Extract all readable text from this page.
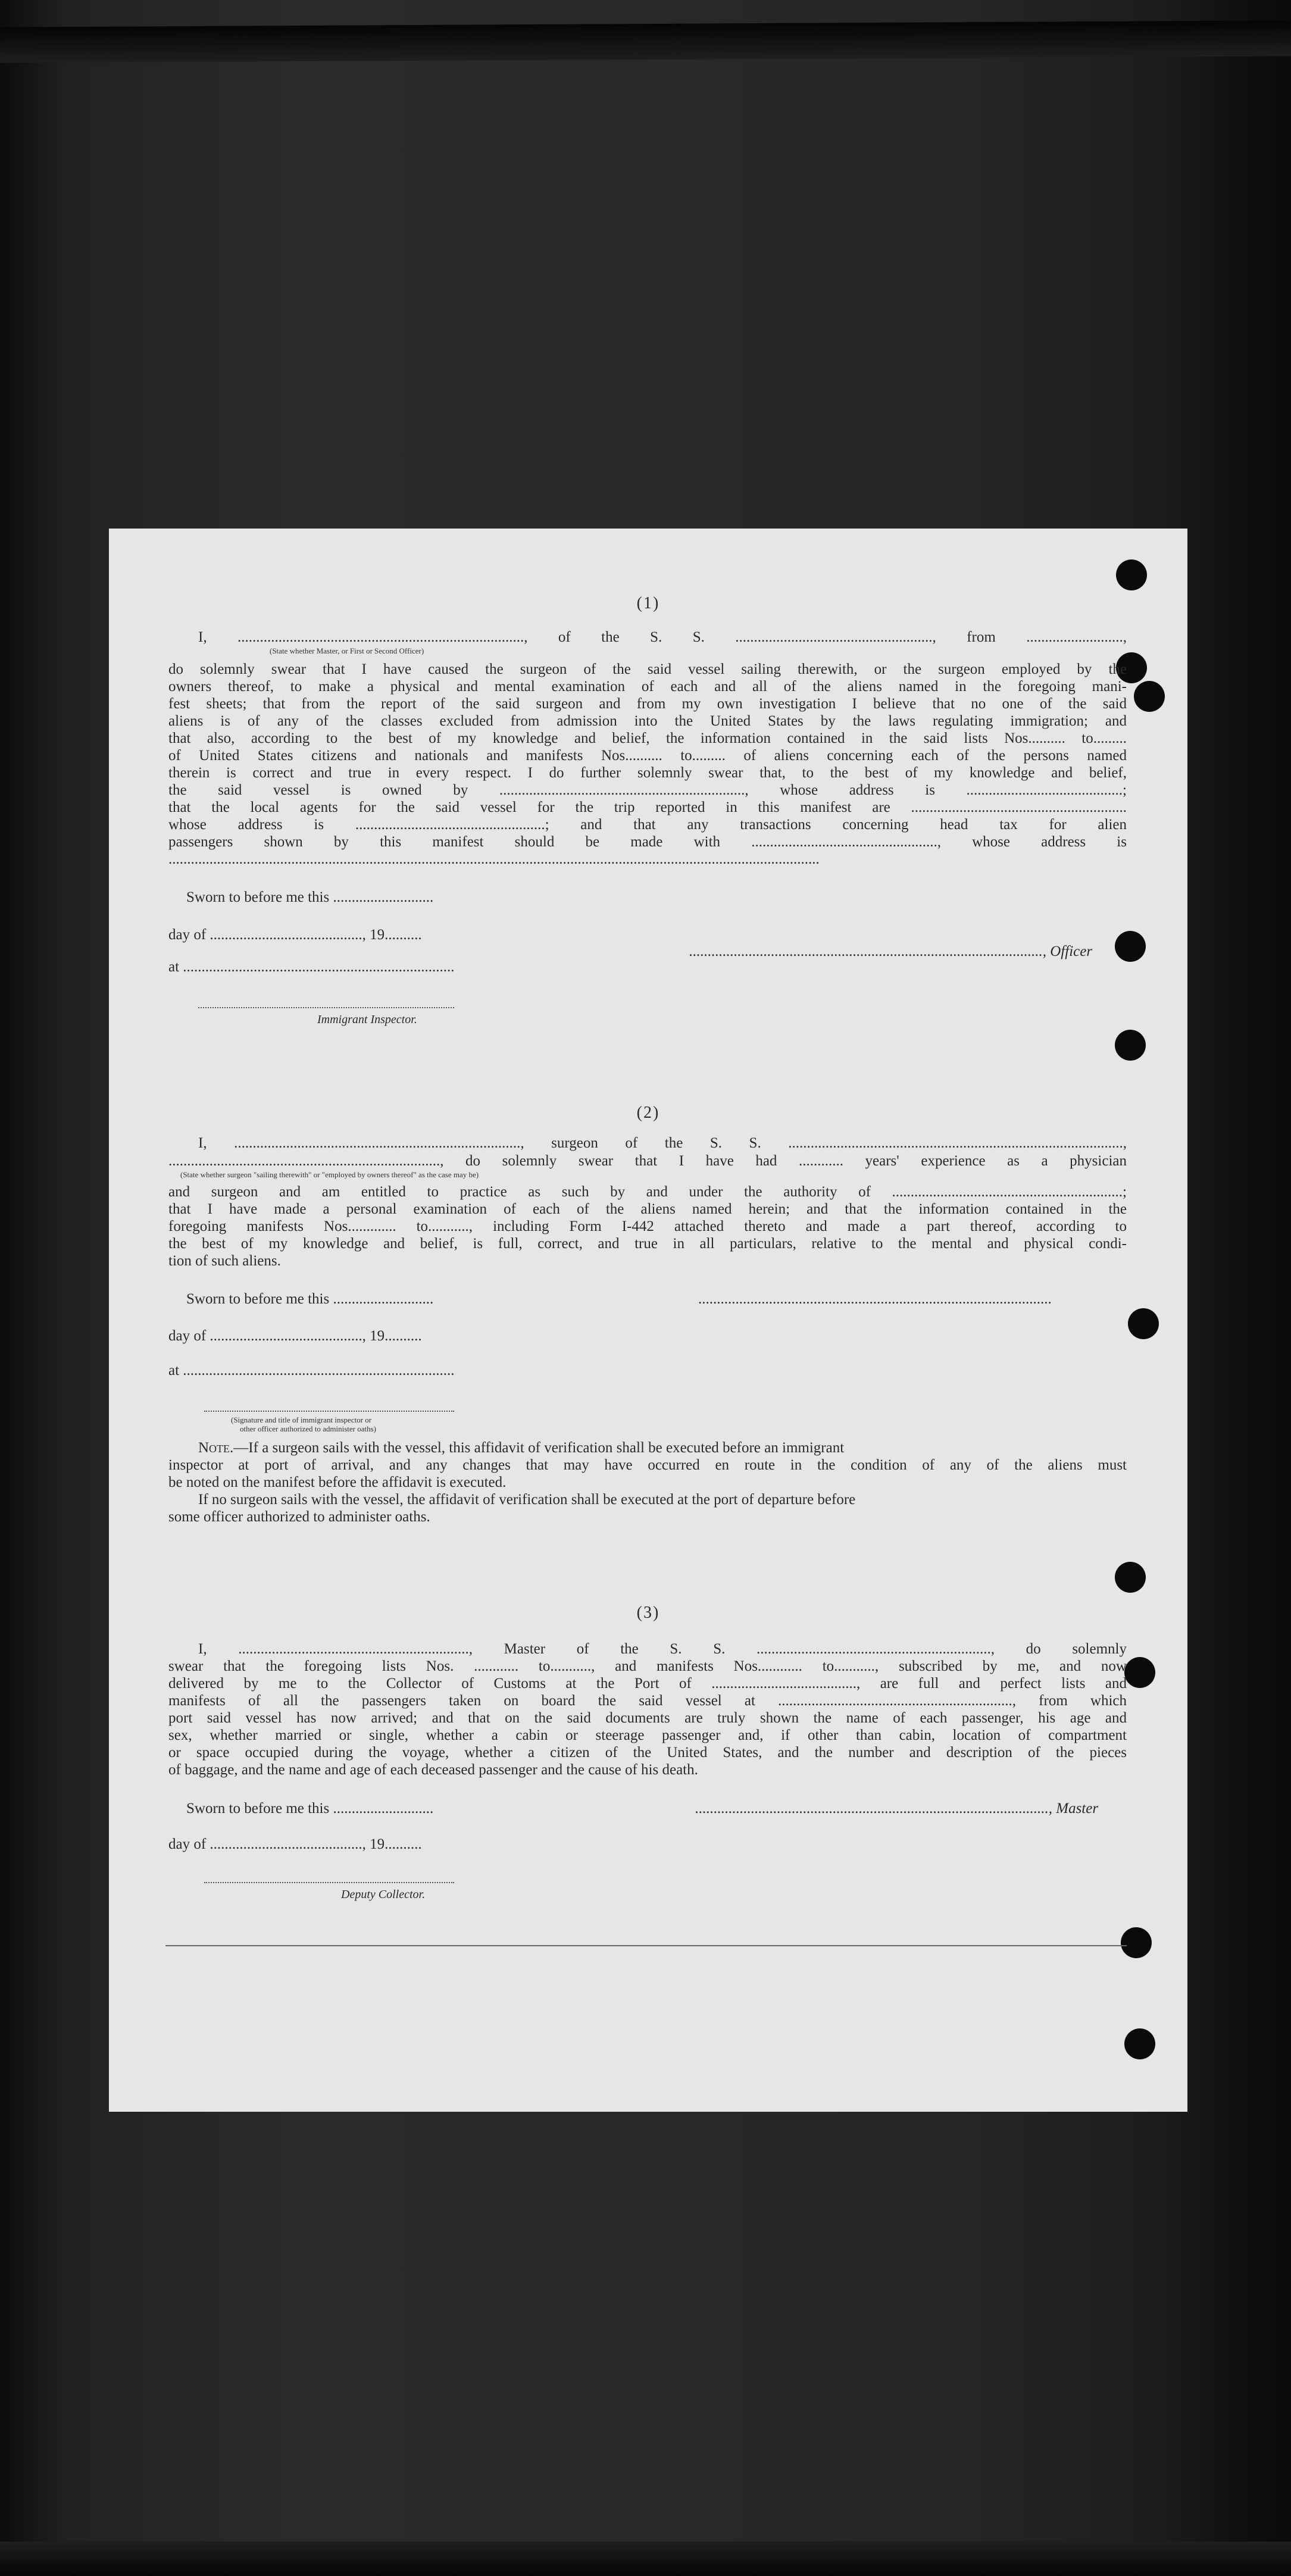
(1)
I, ............................................................................., of the S. S. ....................................................., from ..........................,
(State whether Master, or First or Second Officer)
do solemnly swear that I have caused the surgeon of the said vessel sailing therewith, or the surgeon employed by the
owners thereof, to make a physical and mental examination of each and all of the aliens named in the foregoing mani-
fest sheets; that from the report of the said surgeon and from my own investigation I believe that no one of the said
aliens is of any of the classes excluded from admission into the United States by the laws regulating immigration; and
that also, according to the best of my knowledge and belief, the information contained in the said lists Nos.......... to.........
of United States citizens and nationals and manifests Nos.......... to......... of aliens concerning each of the persons named
therein is correct and true in every respect. I do further solemnly swear that, to the best of my knowledge and belief,
the said vessel is owned by .................................................................., whose address is ..........................................;
that the local agents for the said vessel for the trip reported in this manifest are ..........................................................
whose address is ...................................................; and that any transactions concerning head tax for alien
passengers shown by this manifest should be made with .................................................., whose address is
...............................................................................................................................................................................
Sworn to before me this ...........................
day of ........................................., 19..........
at .........................................................................
..............................................................................................., Officer
Immigrant Inspector.
(2)
I, ............................................................................., surgeon of the S. S. ..........................................................................................,
........................................................................., do solemnly swear that I have had ............ years' experience as a physician
(State whether surgeon "sailing therewith" or "employed by owners thereof" as the case may be)
and surgeon and am entitled to practice as such by and under the authority of ..............................................................;
that I have made a personal examination of each of the aliens named herein; and that the information contained in the
foregoing manifests Nos............. to..........., including Form I-442 attached thereto and made a part thereof, according to
the best of my knowledge and belief, is full, correct, and true in all particulars, relative to the mental and physical condi-
tion of such aliens.
Sworn to before me this ...........................	...............................................................................................
day of ........................................., 19..........
at .........................................................................
(Signature and title of immigrant inspector or
other officer authorized to administer oaths)
Note.—If a surgeon sails with the vessel, this affidavit of verification shall be executed before an immigrant
inspector at port of arrival, and any changes that may have occurred en route in the condition of any of the aliens must
be noted on the manifest before the affidavit is executed.
If no surgeon sails with the vessel, the affidavit of verification shall be executed at the port of departure before
some officer authorized to administer oaths.
(3)
I, .............................................................., Master of the S. S. ..............................................................., do solemnly
swear that the foregoing lists Nos. ............ to..........., and manifests Nos............ to..........., subscribed by me, and now
delivered by me to the Collector of Customs at the Port of ......................................., are full and perfect lists and
manifests of all the passengers taken on board the said vessel at ..............................................................., from which
port said vessel has now arrived; and that on the said documents are truly shown the name of each passenger, his age and
sex, whether married or single, whether a cabin or steerage passenger and, if other than cabin, location of compartment
or space occupied during the voyage, whether a citizen of the United States, and the number and description of the pieces
of baggage, and the name and age of each deceased passenger and the cause of his death.
Sworn to before me this ...........................	..............................................................................................., Master
day of ........................................., 19..........
Deputy Collector.
